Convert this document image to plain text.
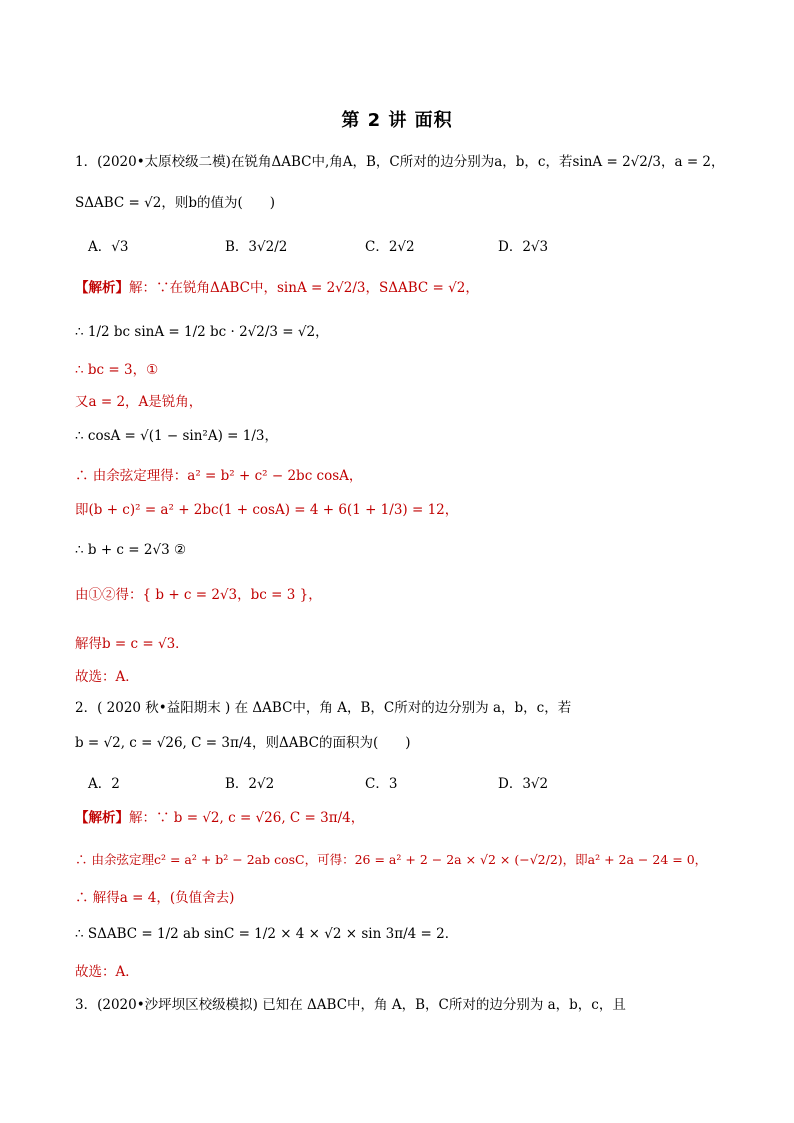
第 2 讲 面积
1．(2020•太原校级二模)在锐角ΔABC中,角A，B，C所对的边分别为a，b，c，若sinA = 2√2/3，a = 2，
SΔABC = √2，则b的值为(　　)
A．√3	B．3√2/2	C．2√2	D．2√3
【解析】解：∵在锐角ΔABC中，sinA = 2√2/3，SΔABC = √2，
∴ 1/2 bc sinA = 1/2 bc · 2√2/3 = √2，
∴ bc = 3，①
又a = 2，A是锐角，
∴ cosA = √(1 − sin²A) = 1/3，
∴ 由余弦定理得：a² = b² + c² − 2bc cosA，
即(b + c)² = a² + 2bc(1 + cosA) = 4 + 6(1 + 1/3) = 12，
∴ b + c = 2√3 ②
由①②得：{ b + c = 2√3，bc = 3 }，
解得b = c = √3．
故选：A．
2．( 2020 秋•益阳期末 ) 在 ΔABC中，角 A，B，C所对的边分别为 a，b，c，若
b = √2, c = √26, C = 3π/4，则ΔABC的面积为(　　)
A．2	B．2√2	C．3	D．3√2
【解析】解：∵ b = √2, c = √26, C = 3π/4，
∴ 由余弦定理c² = a² + b² − 2ab cosC，可得：26 = a² + 2 − 2a × √2 × (−√2/2)，即a² + 2a − 24 = 0，
∴ 解得a = 4，(负值舍去)
∴ SΔABC = 1/2 ab sinC = 1/2 × 4 × √2 × sin 3π/4 = 2．
故选：A．
3．(2020•沙坪坝区校级模拟) 已知在 ΔABC中，角 A，B，C所对的边分别为 a，b，c，且
